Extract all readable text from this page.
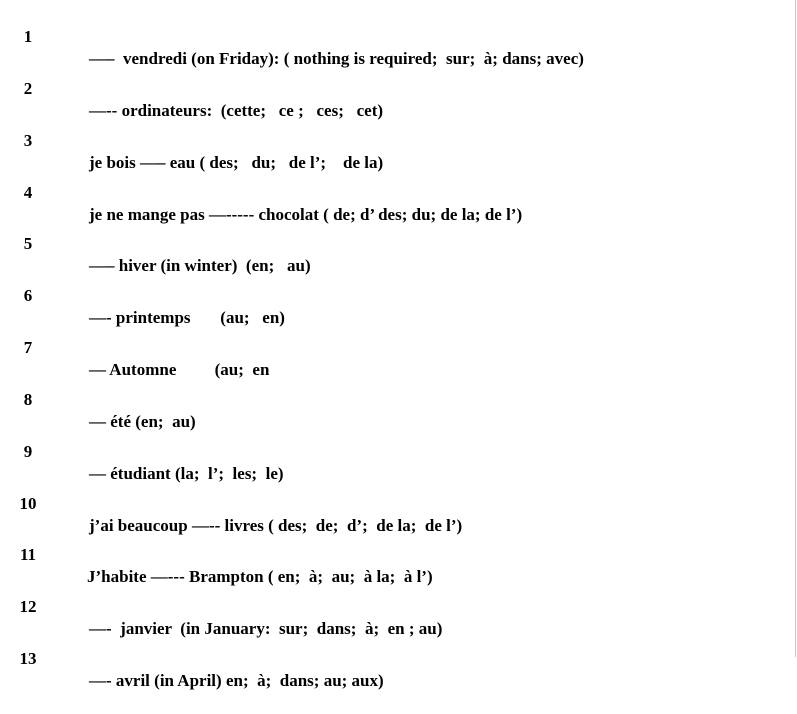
1

—–  vendredi (on Friday): ( nothing is required;  sur;  à; dans; avec)

2

—-- ordinateurs:  (cette;   ce ;   ces;   cet)

3

je bois —– eau ( des;   du;   de l’;    de la)

4

je ne mange pas —----- chocolat ( de; d’ des; du; de la; de l’)

5

—– hiver (in winter)  (en;   au)

6

—- printemps       (au;   en)

7

— Automne         (au;  en

8

— été (en;  au)

9

— étudiant (la;  l’;  les;  le)

10

j’ai beaucoup —-- livres ( des;  de;  d’;  de la;  de l’)

11

J’habite —--- Brampton ( en;  à;  au;  à la;  à l’)

12

—-  janvier  (in January:  sur;  dans;  à;  en ; au)

13

—- avril (in April) en;  à;  dans; au; aux)
